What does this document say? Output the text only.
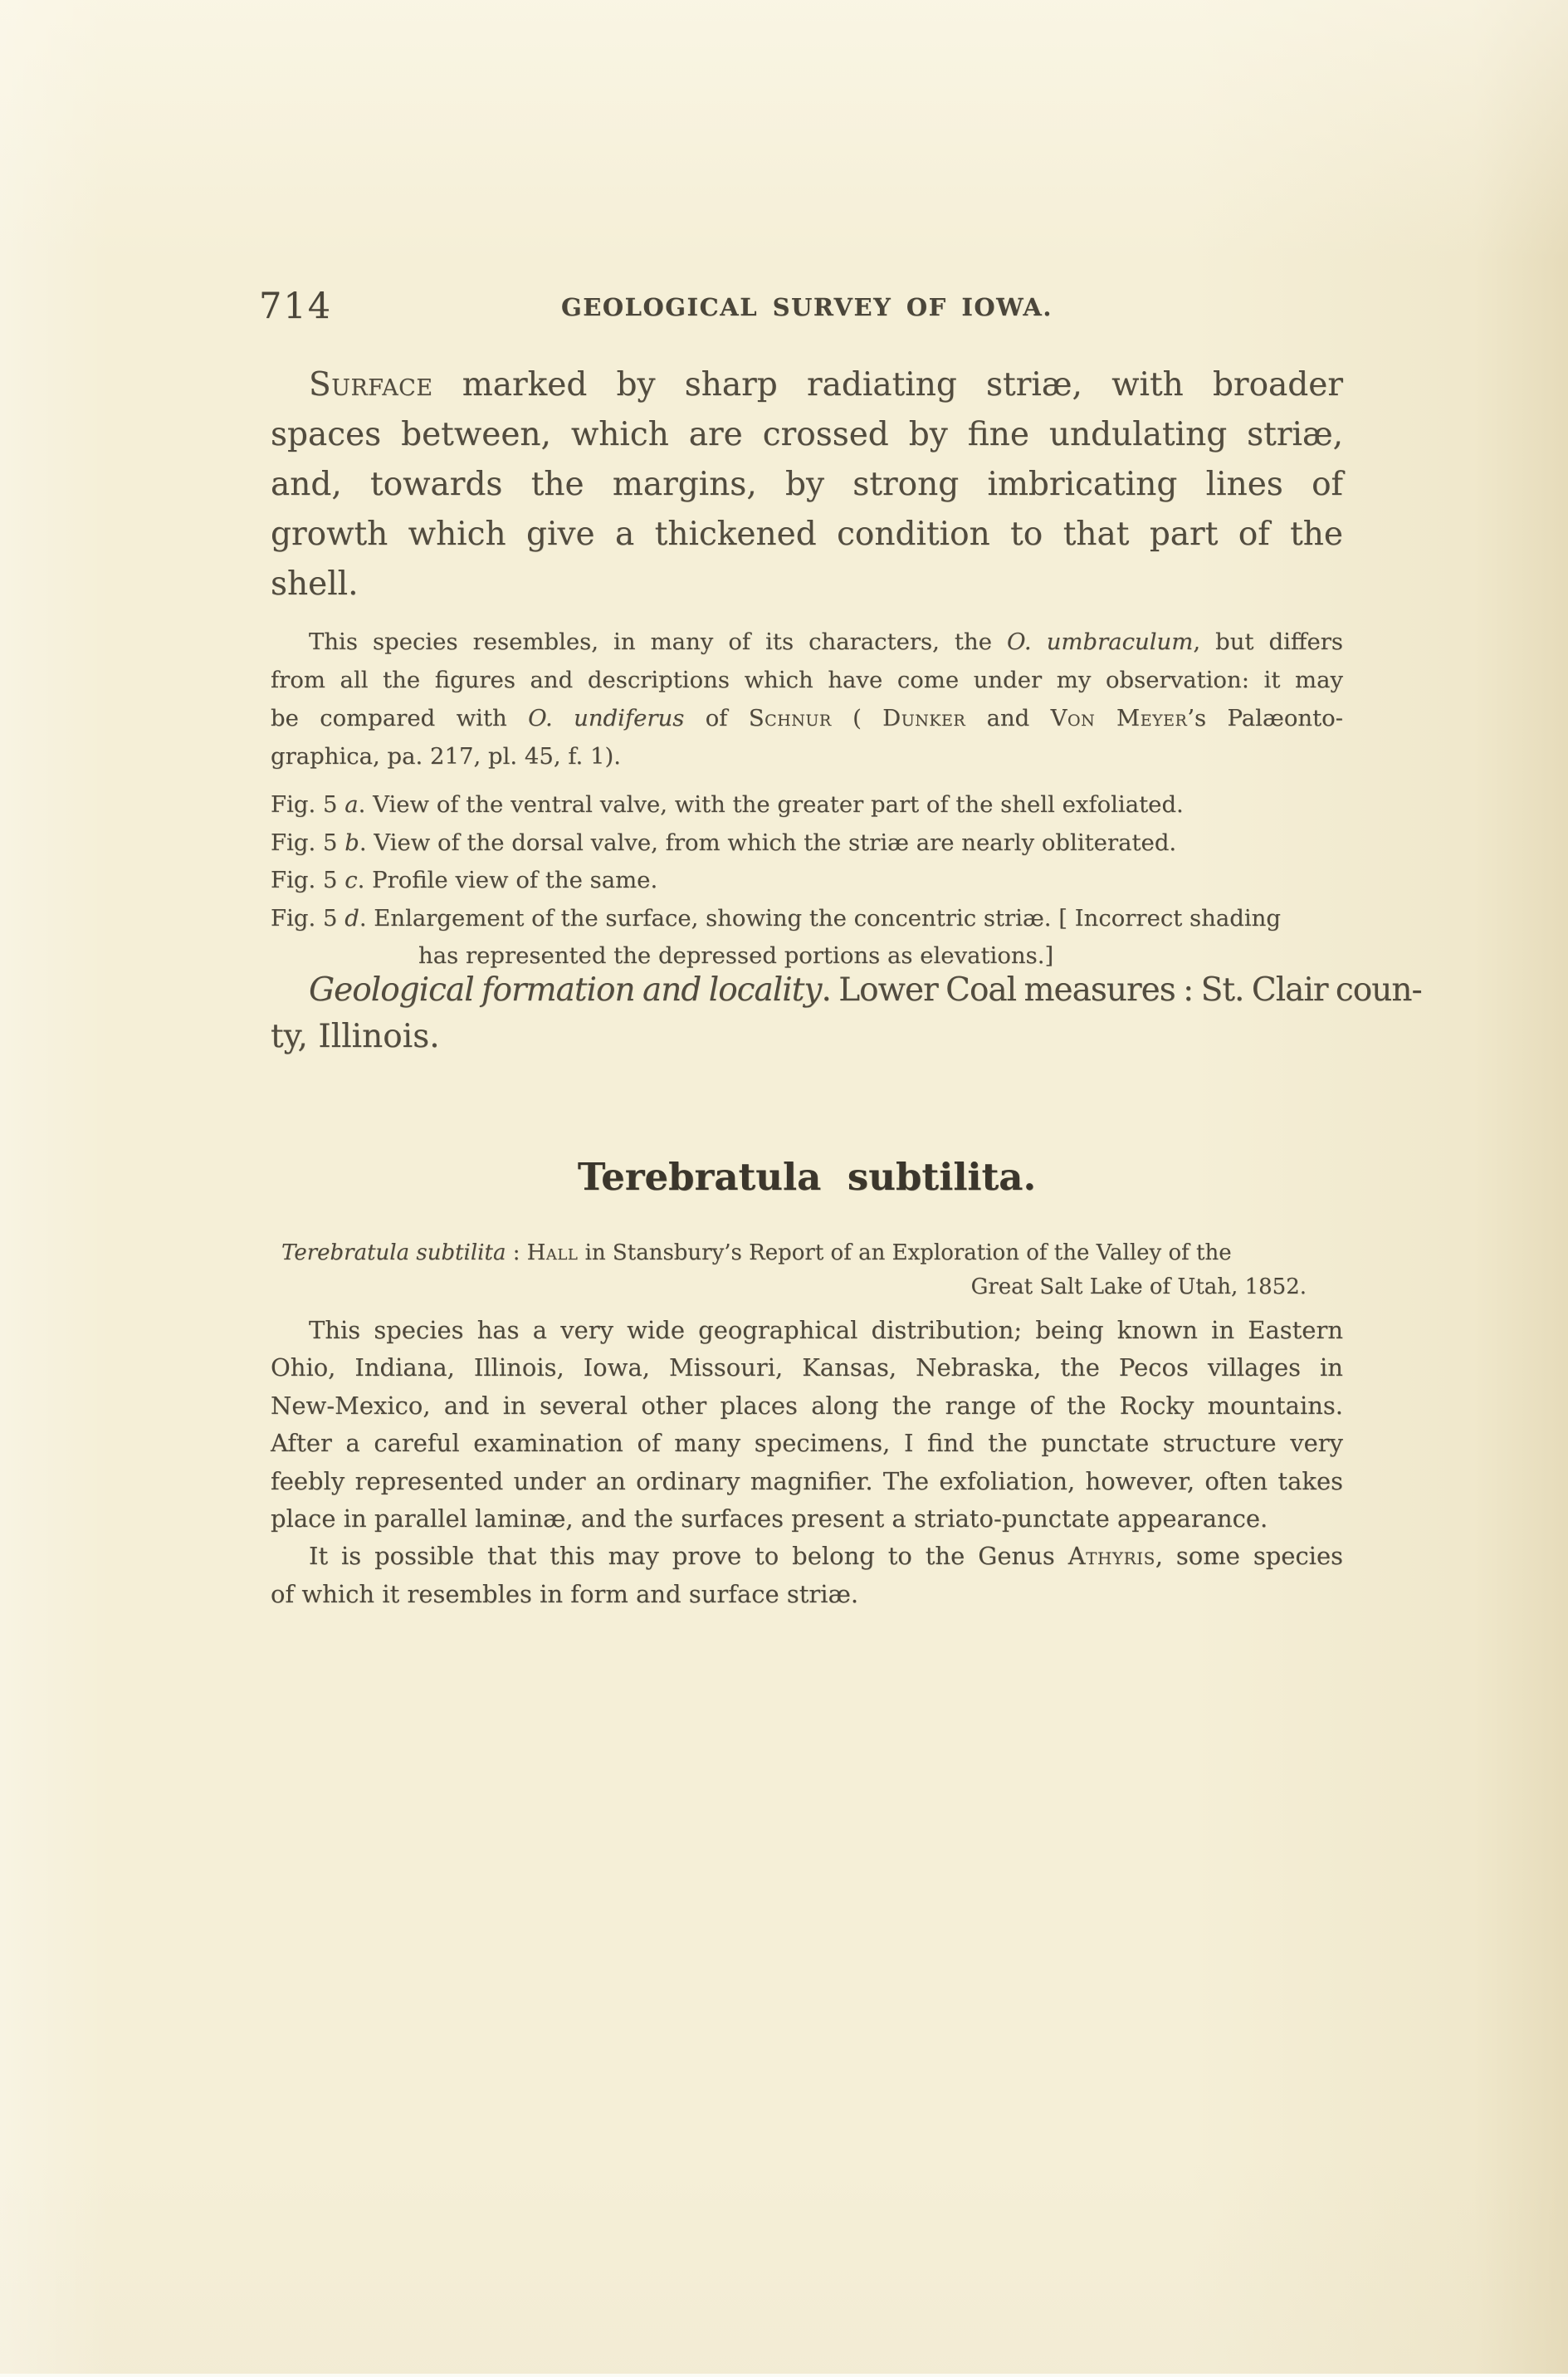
714	GEOLOGICAL SURVEY OF IOWA.
Surface marked by sharp radiating striæ, with broader
spaces between, which are crossed by fine undulating striæ,
and, towards the margins, by strong imbricating lines of
growth which give a thickened condition to that part of the
shell.
This species resembles, in many of its characters, the O. umbraculum, but differs
from all the figures and descriptions which have come under my observation: it may
be compared with O. undiferus of Schnur ( Dunker and Von Meyer’s Palæonto-
graphica, pa. 217, pl. 45, f. 1).
Fig. 5 a. View of the ventral valve, with the greater part of the shell exfoliated.
Fig. 5 b. View of the dorsal valve, from which the striæ are nearly obliterated.
Fig. 5 c. Profile view of the same.
Fig. 5 d. Enlargement of the surface, showing the concentric striæ. [ Incorrect shading
has represented the depressed portions as elevations.]
Geological formation and locality. Lower Coal measures : St. Clair coun-
ty, Illinois.
Terebratula subtilita.
Terebratula subtilita : Hall in Stansbury’s Report of an Exploration of the Valley of the
Great Salt Lake of Utah, 1852.
This species has a very wide geographical distribution; being known in Eastern
Ohio, Indiana, Illinois, Iowa, Missouri, Kansas, Nebraska, the Pecos villages in
New-Mexico, and in several other places along the range of the Rocky mountains.
After a careful examination of many specimens, I find the punctate structure very
feebly represented under an ordinary magnifier. The exfoliation, however, often takes
place in parallel laminæ, and the surfaces present a striato-punctate appearance.
It is possible that this may prove to belong to the Genus Athyris, some species
of which it resembles in form and surface striæ.
